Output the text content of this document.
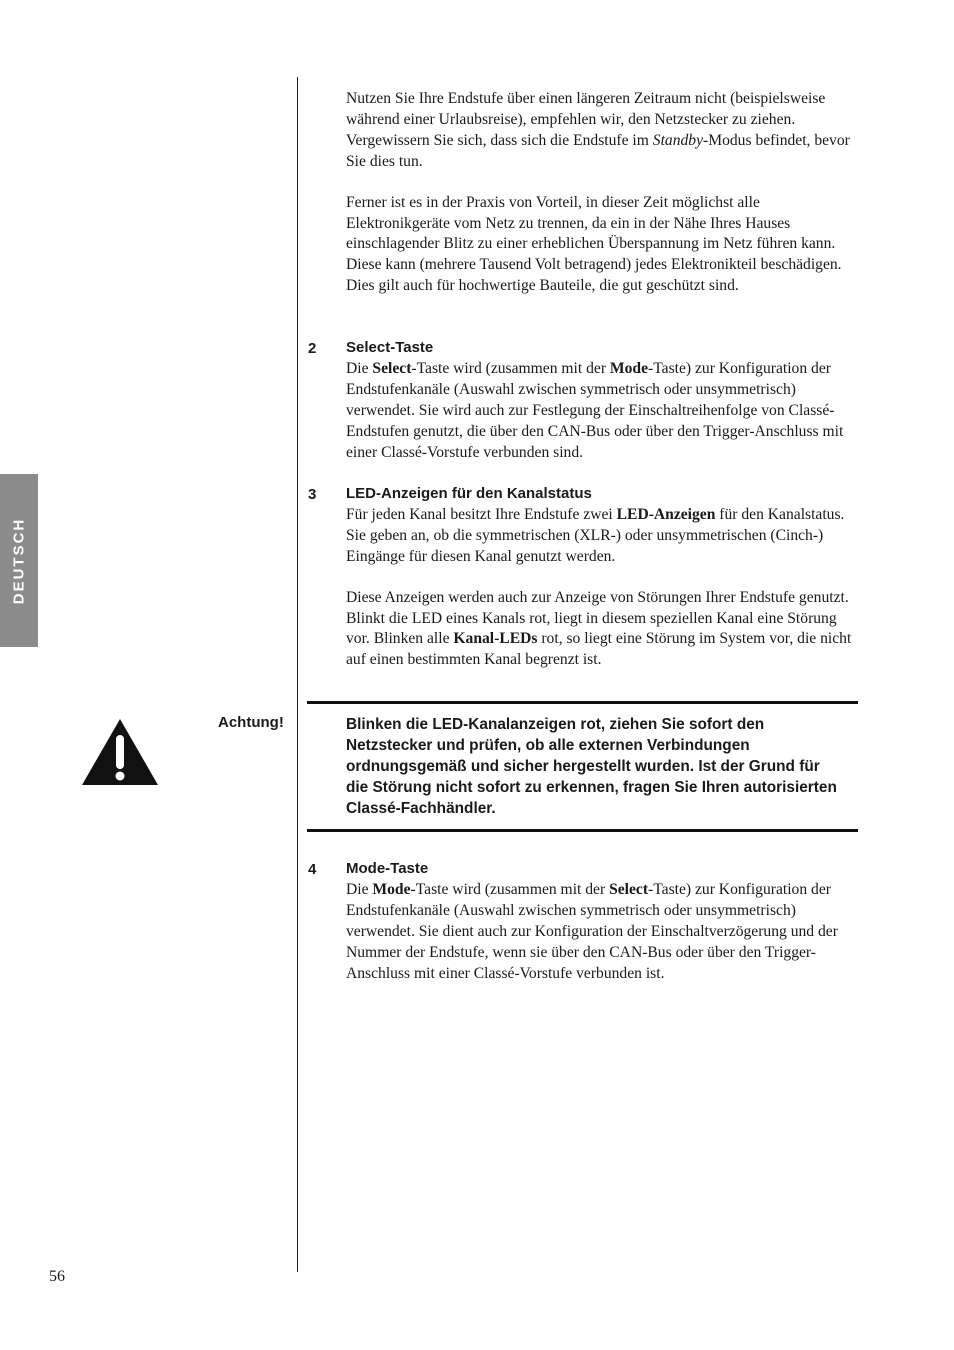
DEUTSCH

Nutzen Sie Ihre Endstufe über einen längeren Zeitraum nicht (beispielsweise während einer Urlaubsreise), empfehlen wir, den Netzstecker zu ziehen. Vergewissern Sie sich, dass sich die Endstufe im Standby-Modus befindet, bevor Sie dies tun.

Ferner ist es in der Praxis von Vorteil, in dieser Zeit möglichst alle Elektronikgeräte vom Netz zu trennen, da ein in der Nähe Ihres Hauses einschlagender Blitz zu einer erheblichen Überspannung im Netz führen kann. Diese kann (mehrere Tausend Volt betragend) jedes Elektronikteil beschädigen. Dies gilt auch für hochwertige Bauteile, die gut geschützt sind.

2 Select-Taste

Die Select-Taste wird (zusammen mit der Mode-Taste) zur Konfiguration der Endstufenkanäle (Auswahl zwischen symmetrisch oder unsymmetrisch) verwendet. Sie wird auch zur Festlegung der Einschaltreihenfolge von Classé-Endstufen genutzt, die über den CAN-Bus oder über den Trigger-Anschluss mit einer Classé-Vorstufe verbunden sind.

3 LED-Anzeigen für den Kanalstatus

Für jeden Kanal besitzt Ihre Endstufe zwei LED-Anzeigen für den Kanalstatus. Sie geben an, ob die symmetrischen (XLR-) oder unsymmetrischen (Cinch-) Eingänge für diesen Kanal genutzt werden.

Diese Anzeigen werden auch zur Anzeige von Störungen Ihrer Endstufe genutzt. Blinkt die LED eines Kanals rot, liegt in diesem speziellen Kanal eine Störung vor. Blinken alle Kanal-LEDs rot, so liegt eine Störung im System vor, die nicht auf einen bestimmten Kanal begrenzt ist.

Achtung!	Blinken die LED-Kanalanzeigen rot, ziehen Sie sofort den Netzstecker und prüfen, ob alle externen Verbindungen ordnungsgemäß und sicher hergestellt wurden. Ist der Grund für die Störung nicht sofort zu erkennen, fragen Sie Ihren autorisierten Classé-Fachhändler.
4 Mode-Taste

Die Mode-Taste wird (zusammen mit der Select-Taste) zur Konfiguration der Endstufenkanäle (Auswahl zwischen symmetrisch oder unsymmetrisch) verwendet. Sie dient auch zur Konfiguration der Einschaltverzögerung und der Nummer der Endstufe, wenn sie über den CAN-Bus oder über den Trigger-Anschluss mit einer Classé-Vorstufe verbunden ist.

56
